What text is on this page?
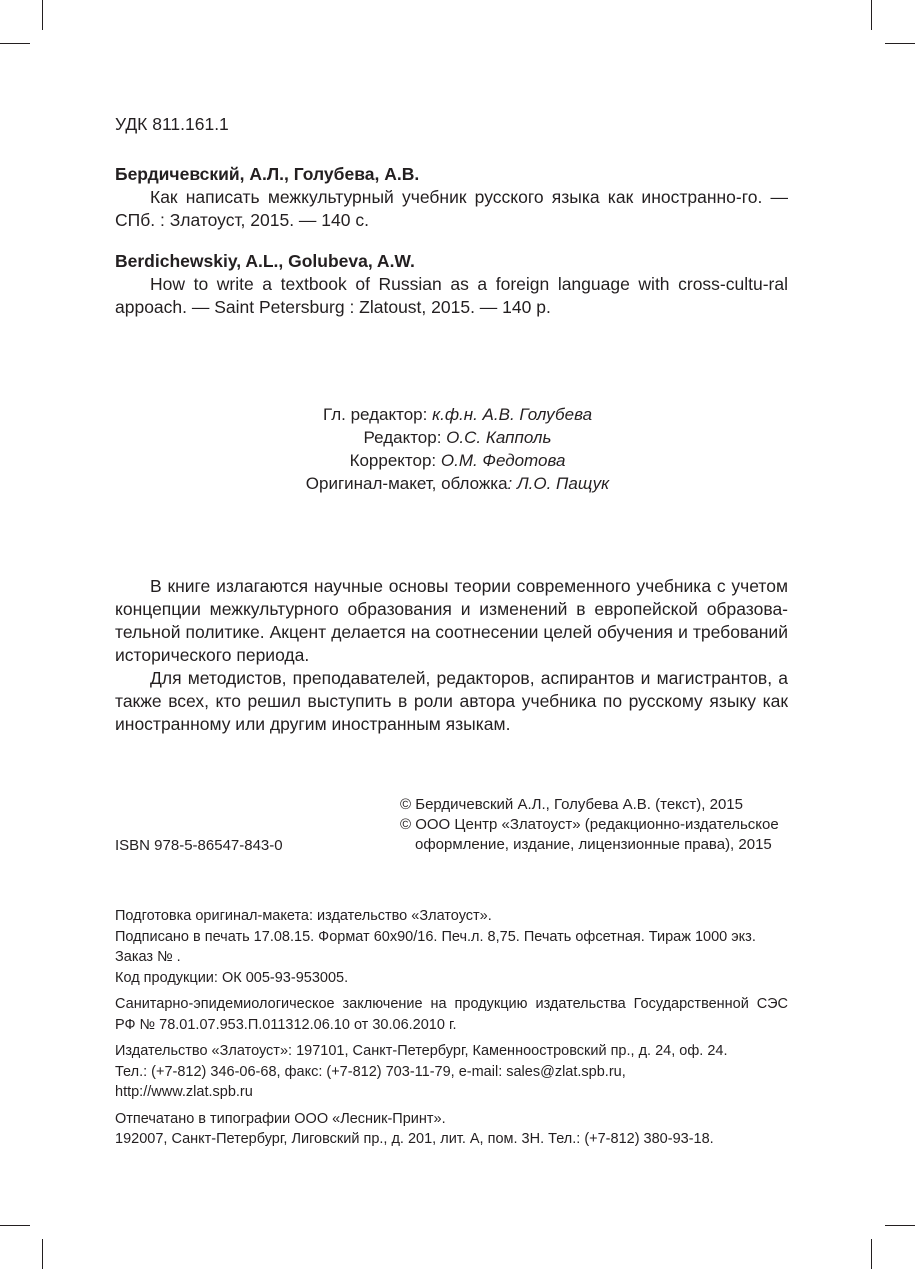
УДК 811.161.1

Бердичевский, А.Л., Голубева, А.В.

Как написать межкультурный учебник русского языка как иностранно-го. — СПб. : Златоуст, 2015. — 140 с.

Berdichewskiy, A.L., Golubeva, A.W.

How to write a textbook of Russian as a foreign language with cross-cultu-ral appoach. — Saint Petersburg : Zlatoust, 2015. — 140 p.

Гл. редактор: к.ф.н. А.В. Голубева
Редактор: О.С. Капполь
Корректор: О.М. Федотова
Оригинал-макет, обложка: Л.О. Пащук

В книге излагаются научные основы теории современного учебника с учетом концепции межкультурного образования и изменений в европейской образова-тельной политике. Акцент делается на соотнесении целей обучения и требований исторического периода.

Для методистов, преподавателей, редакторов, аспирантов и магистрантов, а также всех, кто решил выступить в роли автора учебника по русскому языку как иностранному или другим иностранным языкам.

© Бердичевский А.Л., Голубева А.В. (текст), 2015
© ООО Центр «Златоуст» (редакционно-издательское
оформление, издание, лицензионные права), 2015
ISBN 978-5-86547-843-0
Подготовка оригинал-макета: издательство «Златоуст».
Подписано в печать 17.08.15. Формат 60x90/16. Печ.л. 8,75. Печать офсетная. Тираж 1000 экз.
Заказ № .
Код продукции: ОК 005-93-953005.
Санитарно-эпидемиологическое заключение на продукцию издательства Государственной СЭС РФ № 78.01.07.953.П.011312.06.10 от 30.06.2010 г.
Издательство «Златоуст»: 197101, Санкт-Петербург, Каменноостровский пр., д. 24, оф. 24.
Тел.: (+7-812) 346-06-68, факс: (+7-812) 703-11-79, e-mail: sales@zlat.spb.ru,
http://www.zlat.spb.ru
Отпечатано в типографии ООО «Лесник-Принт».
192007, Санкт-Петербург, Лиговский пр., д. 201, лит. А, пом. 3Н. Тел.: (+7-812) 380-93-18.
